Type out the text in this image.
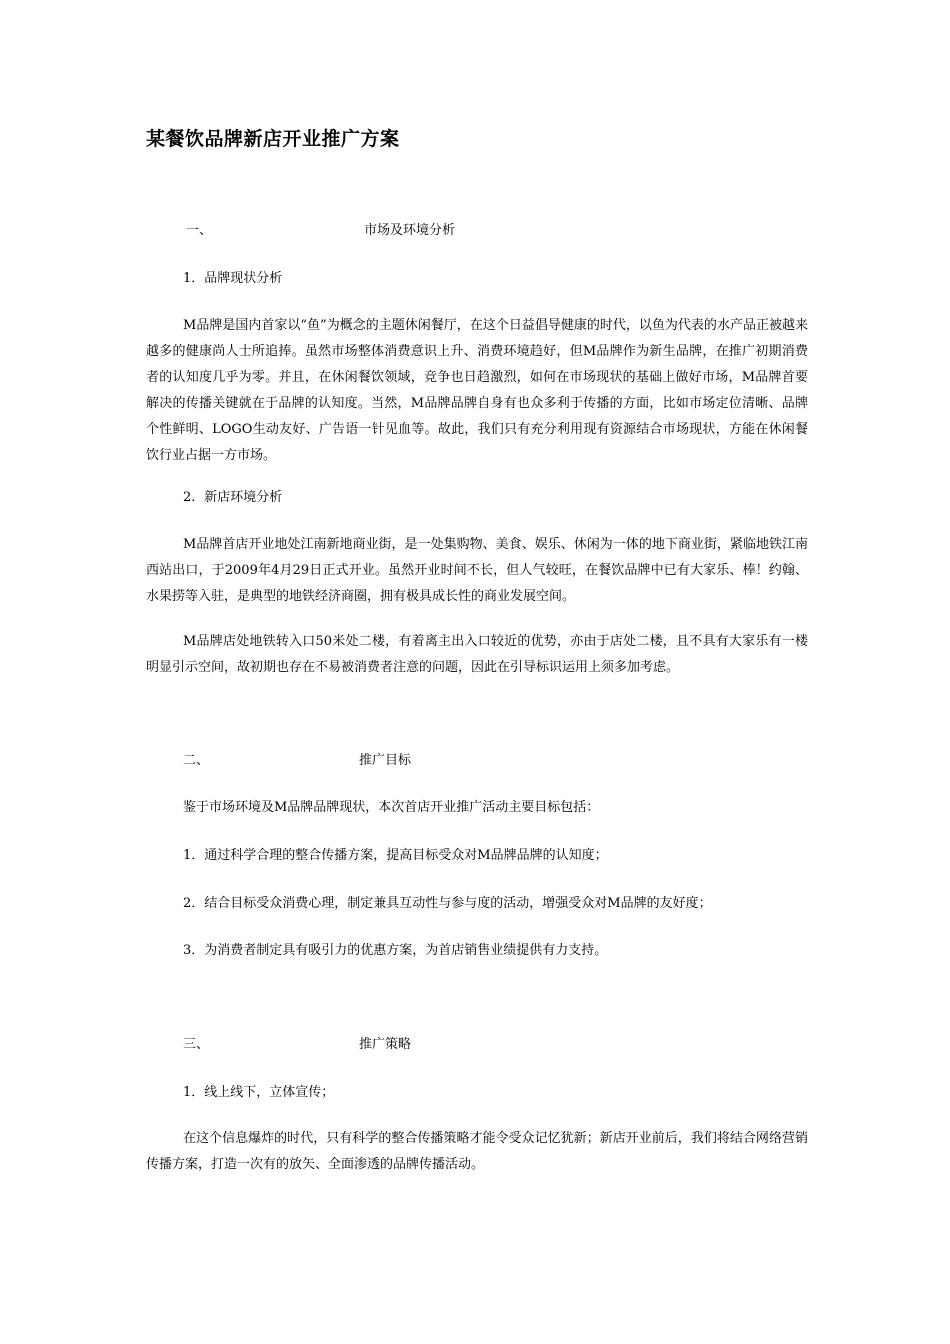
某餐饮品牌新店开业推广方案
一、	市场及环境分析
1．品牌现状分析

M品牌是国内首家以“鱼”为概念的主题休闲餐厅，在这个日益倡导健康的时代，以鱼为代表的水产品正被越来越多的健康尚人士所追捧。虽然市场整体消费意识上升、消费环境趋好，但M品牌作为新生品牌，在推广初期消费者的认知度几乎为零。并且，在休闲餐饮领域，竞争也日趋激烈，如何在市场现状的基础上做好市场，M品牌首要解决的传播关键就在于品牌的认知度。当然，M品牌品牌自身有也众多利于传播的方面，比如市场定位清晰、品牌个性鲜明、LOGO生动友好、广告语一针见血等。故此，我们只有充分利用现有资源结合市场现状，方能在休闲餐饮行业占据一方市场。

2．新店环境分析

M品牌首店开业地处江南新地商业街，是一处集购物、美食、娱乐、休闲为一体的地下商业街，紧临地铁江南西站出口，于2009年4月29日正式开业。虽然开业时间不长，但人气较旺，在餐饮品牌中已有大家乐、棒！约翰、水果捞等入驻，是典型的地铁经济商圈，拥有极具成长性的商业发展空间。

M品牌店处地铁转入口50米处二楼，有着离主出入口较近的优势，亦由于店处二楼，且不具有大家乐有一楼明显引示空间，故初期也存在不易被消费者注意的问题，因此在引导标识运用上须多加考虑。

二、	推广目标
鉴于市场环境及M品牌品牌现状，本次首店开业推广活动主要目标包括：
1．通过科学合理的整合传播方案，提高目标受众对M品牌品牌的认知度；
2．结合目标受众消费心理，制定兼具互动性与参与度的活动，增强受众对M品牌的友好度；
3．为消费者制定具有吸引力的优惠方案，为首店销售业绩提供有力支持。
三、	推广策略
1．线上线下，立体宣传；

在这个信息爆炸的时代，只有科学的整合传播策略才能令受众记忆犹新；新店开业前后，我们将结合网络营销传播方案，打造一次有的放矢、全面渗透的品牌传播活动。
